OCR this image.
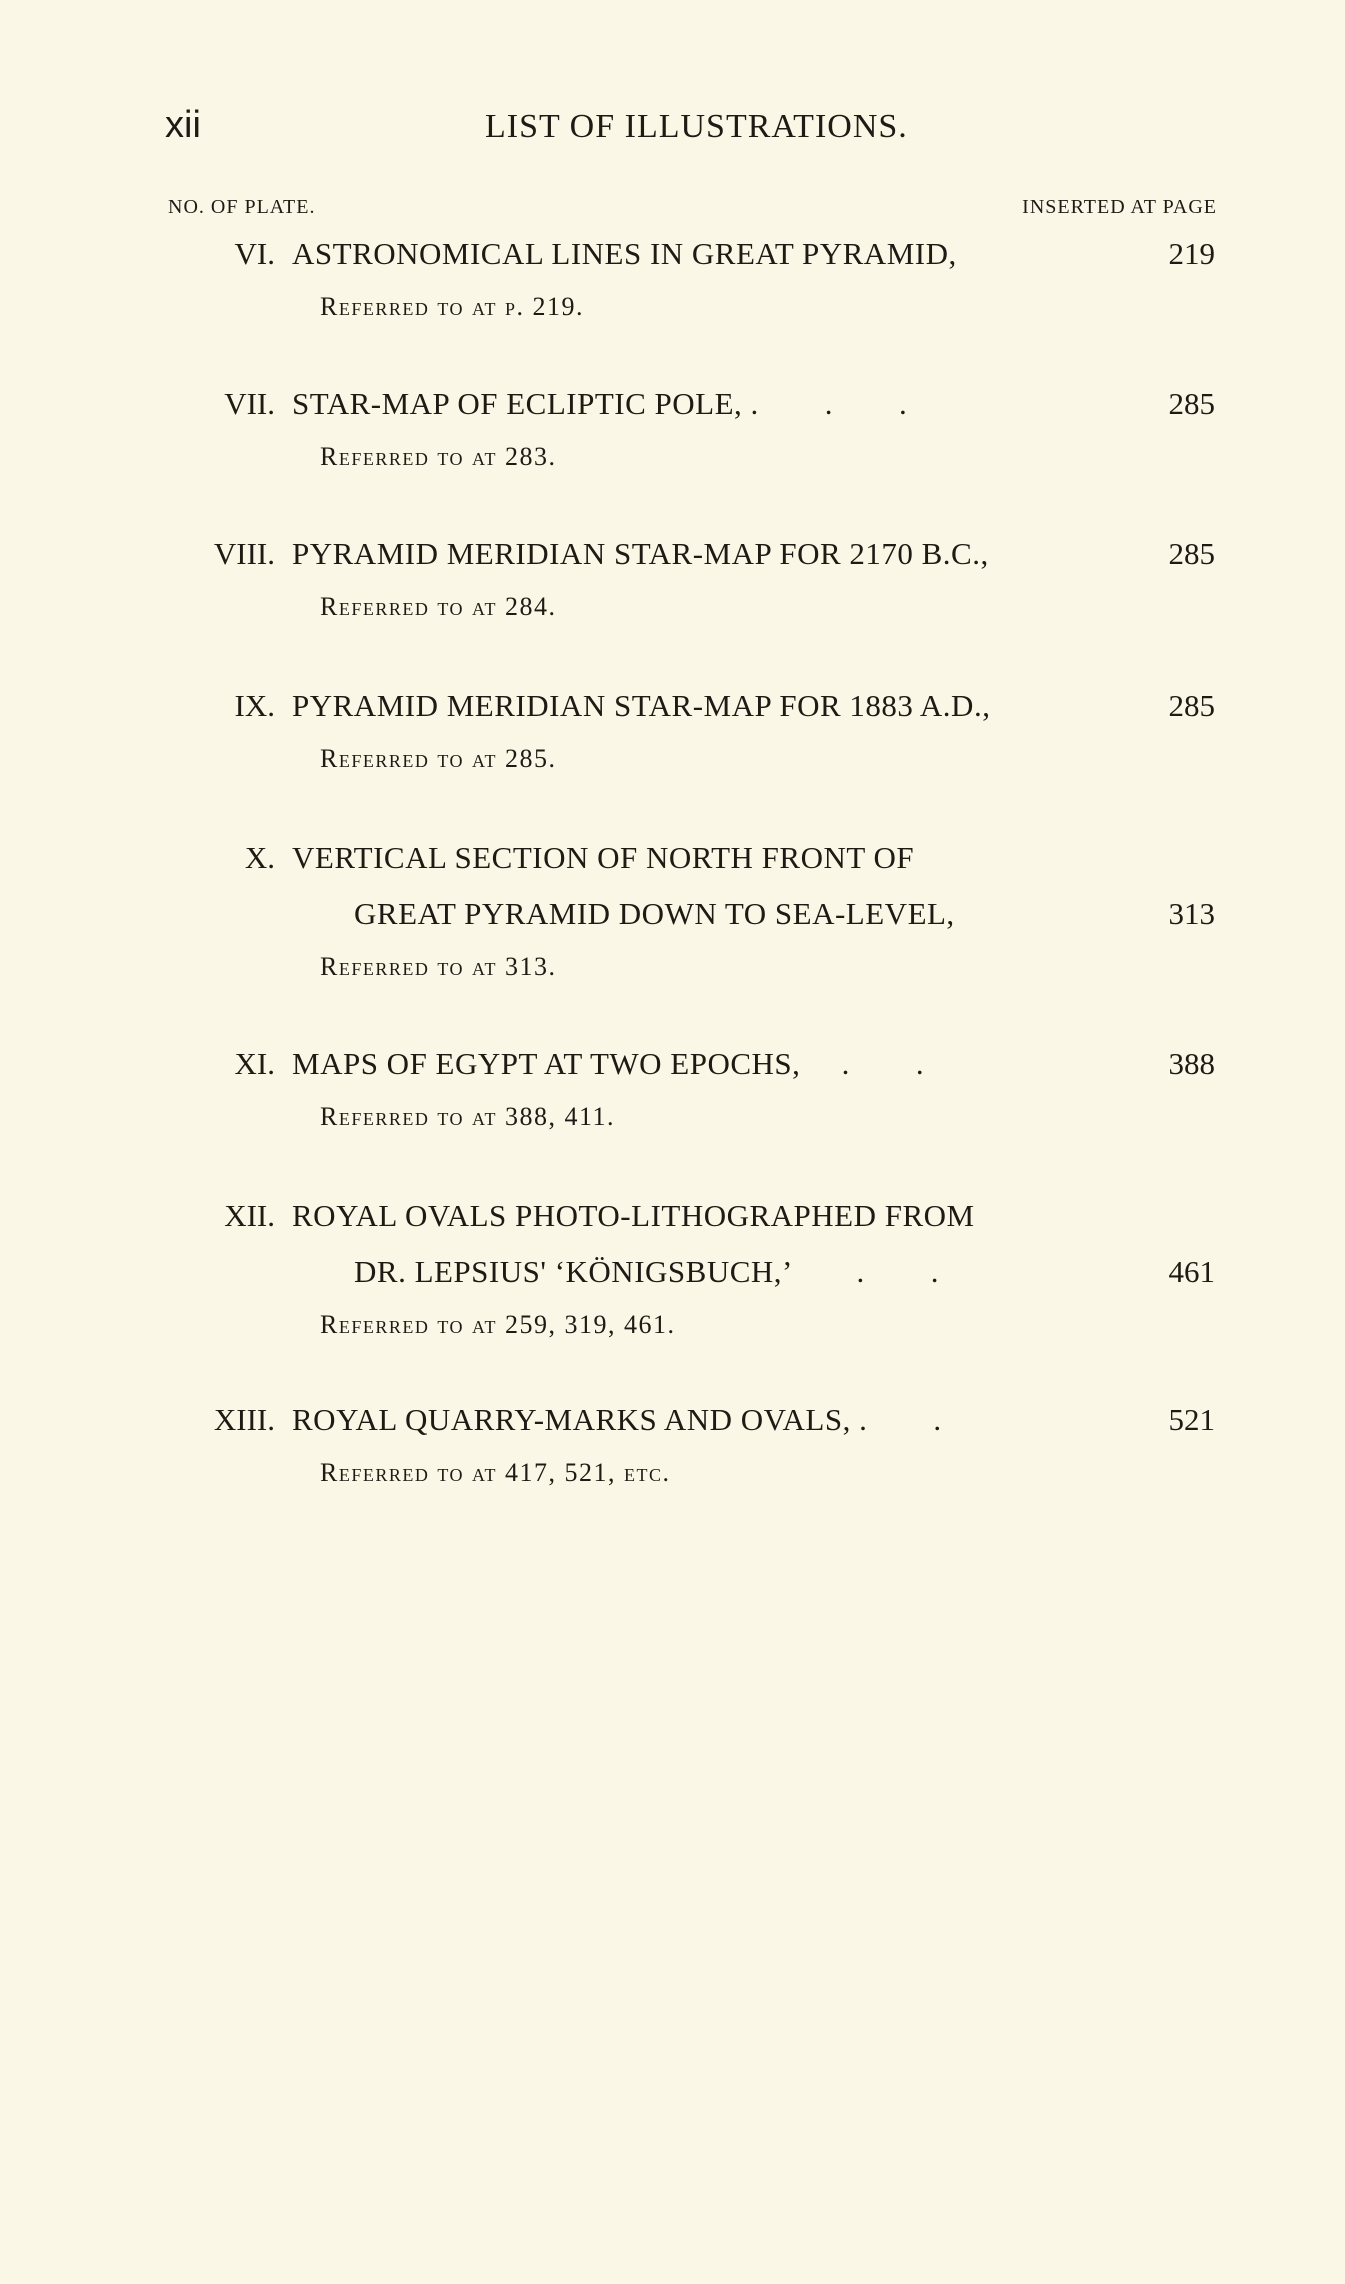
xii	LIST OF ILLUSTRATIONS.
NO. OF PLATE.	INSERTED AT PAGE
VI. ASTRONOMICAL LINES IN GREAT PYRAMID,	219
Referred to at p. 219.
VII. STAR-MAP OF ECLIPTIC POLE, .        .        .	285
Referred to at 283.
VIII. PYRAMID MERIDIAN STAR-MAP FOR 2170 B.C.,	285
Referred to at 284.
IX. PYRAMID MERIDIAN STAR-MAP FOR 1883 A.D.,	285
Referred to at 285.
X. VERTICAL SECTION OF NORTH FRONT OF
GREAT PYRAMID DOWN TO SEA-LEVEL,	313
Referred to at 313.
XI. MAPS OF EGYPT AT TWO EPOCHS,     .        .	388
Referred to at 388, 411.
XII. ROYAL OVALS PHOTO-LITHOGRAPHED FROM
DR. LEPSIUS' ‘KÖNIGSBUCH,’        .        .	461
Referred to at 259, 319, 461.
XIII. ROYAL QUARRY-MARKS AND OVALS, .        .	521
Referred to at 417, 521, etc.
